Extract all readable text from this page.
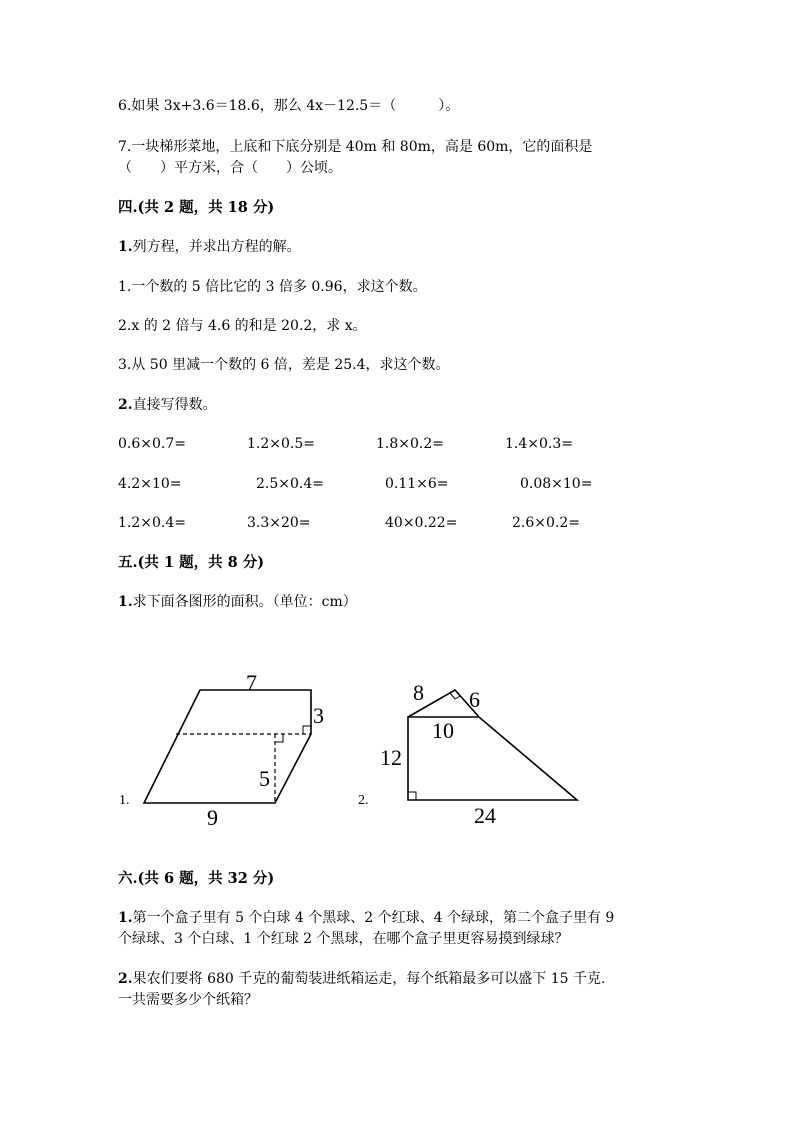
6.如果 3x+3.6＝18.6，那么 4x－12.5＝（　　　）。
7.一块梯形菜地，上底和下底分别是 40m 和 80m，高是 60m，它的面积是
（　　）平方米，合（　　）公顷。
四.(共 2 题，共 18 分)
1.列方程，并求出方程的解。
1.一个数的 5 倍比它的 3 倍多 0.96，求这个数。
2.x 的 2 倍与 4.6 的和是 20.2，求 x。
3.从 50 里减一个数的 6 倍，差是 25.4，求这个数。
2.直接写得数。
0.6×0.7=	1.2×0.5=	1.8×0.2=	1.4×0.3=
4.2×10=	2.5×0.4=	0.11×6=	0.08×10=
1.2×0.4=	3.3×20=	40×0.22=	2.6×0.2=
五.(共 1 题，共 8 分)
1.求下面各图形的面积。（单位：cm）
1.
7
3
5
9
2.
8 6
10
12
24
六.(共 6 题，共 32 分)
1.第一个盒子里有 5 个白球 4 个黑球、2 个红球、4 个绿球，第二个盒子里有 9
个绿球、3 个白球、1 个红球 2 个黑球，在哪个盒子里更容易摸到绿球？
2.果农们要将 680 千克的葡萄装进纸箱运走，每个纸箱最多可以盛下 15 千克.
一共需要多少个纸箱？
